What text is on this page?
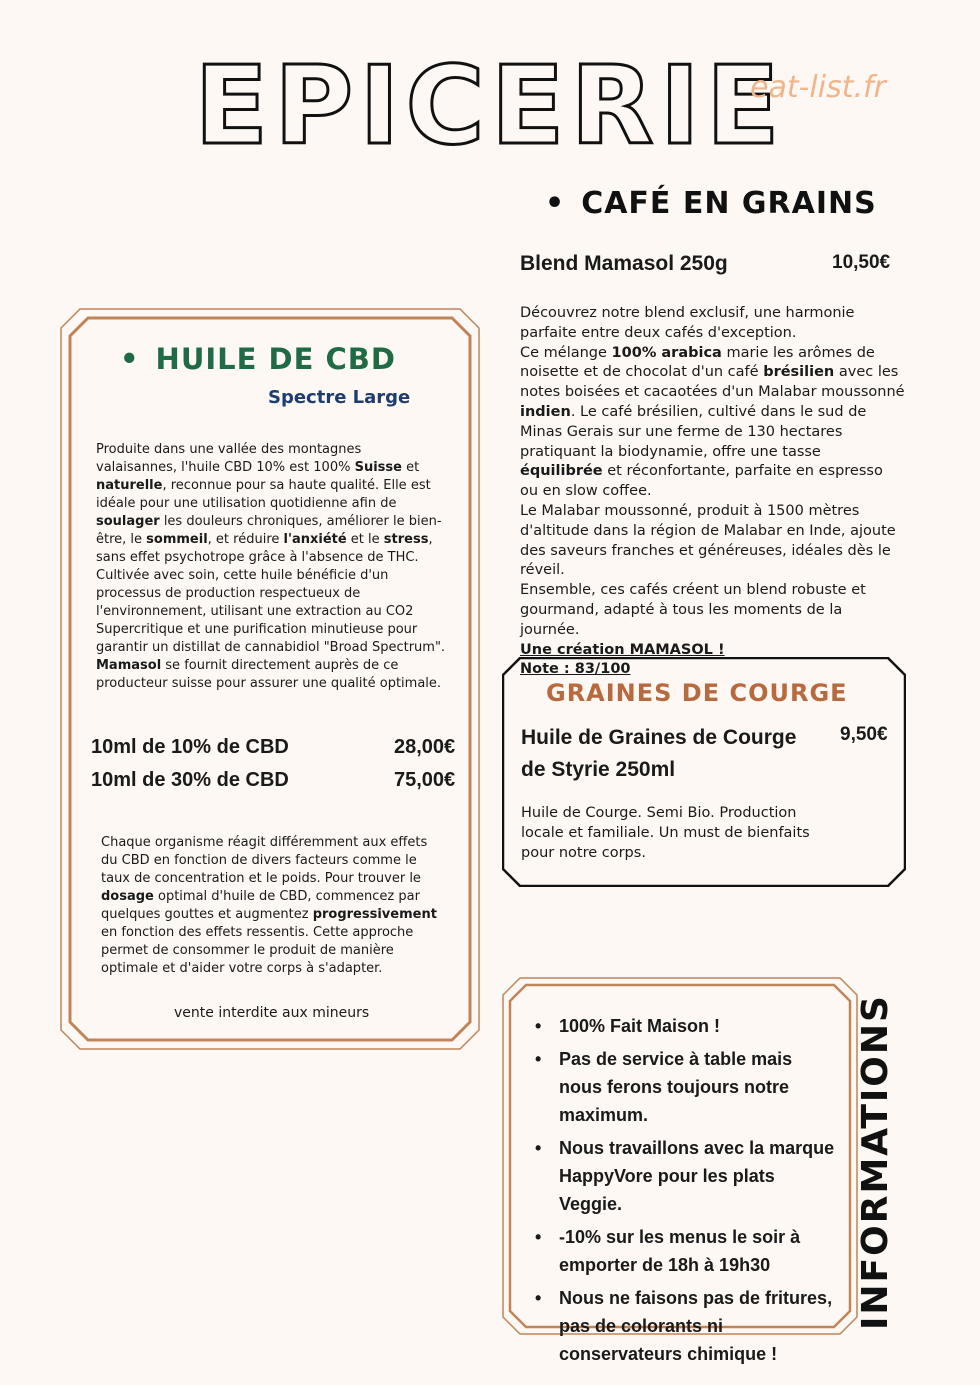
EPICERIE
eat-list.fr
• CAFÉ EN GRAINS
Blend Mamasol 250g	10,50€
Découvrez notre blend exclusif, une harmonie parfaite entre deux cafés d'exception.
Ce mélange 100% arabica marie les arômes de noisette et de chocolat d'un café brésilien avec les notes boisées et cacaotées d'un Malabar moussonné indien. Le café brésilien, cultivé dans le sud de Minas Gerais sur une ferme de 130 hectares pratiquant la biodynamie, offre une tasse équilibrée et réconfortante, parfaite en espresso ou en slow coffee.
Le Malabar moussonné, produit à 1500 mètres d'altitude dans la région de Malabar en Inde, ajoute des saveurs franches et généreuses, idéales dès le réveil.
Ensemble, ces cafés créent un blend robuste et gourmand, adapté à tous les moments de la journée.
Une création MAMASOL !
Note : 83/100
• HUILE DE CBD
Spectre Large
Produite dans une vallée des montagnes valaisannes, l'huile CBD 10% est 100% Suisse et naturelle, reconnue pour sa haute qualité. Elle est idéale pour une utilisation quotidienne afin de soulager les douleurs chroniques, améliorer le bien-être, le sommeil, et réduire l'anxiété et le stress, sans effet psychotrope grâce à l'absence de THC. Cultivée avec soin, cette huile bénéficie d'un processus de production respectueux de l'environnement, utilisant une extraction au CO2 Supercritique et une purification minutieuse pour garantir un distillat de cannabidiol "Broad Spectrum". Mamasol se fournit directement auprès de ce producteur suisse pour assurer une qualité optimale.
10ml de 10% de CBD	28,00€
10ml de 30% de CBD	75,00€
Chaque organisme réagit différemment aux effets du CBD en fonction de divers facteurs comme le taux de concentration et le poids. Pour trouver le dosage optimal d'huile de CBD, commencez par quelques gouttes et augmentez progressivement en fonction des effets ressentis. Cette approche permet de consommer le produit de manière optimale et d'aider votre corps à s'adapter.
vente interdite aux mineurs
GRAINES DE COURGE
Huile de Graines de Courge de Styrie 250ml
9,50€
Huile de Courge. Semi Bio. Production locale et familiale. Un must de bienfaits pour notre corps.
• 100% Fait Maison !
• Pas de service à table mais nous ferons toujours notre maximum.
• Nous travaillons avec la marque HappyVore pour les plats Veggie.
• -10% sur les menus le soir à emporter de 18h à 19h30
• Nous ne faisons pas de fritures, pas de colorants ni conservateurs chimique !
INFORMATIONS
